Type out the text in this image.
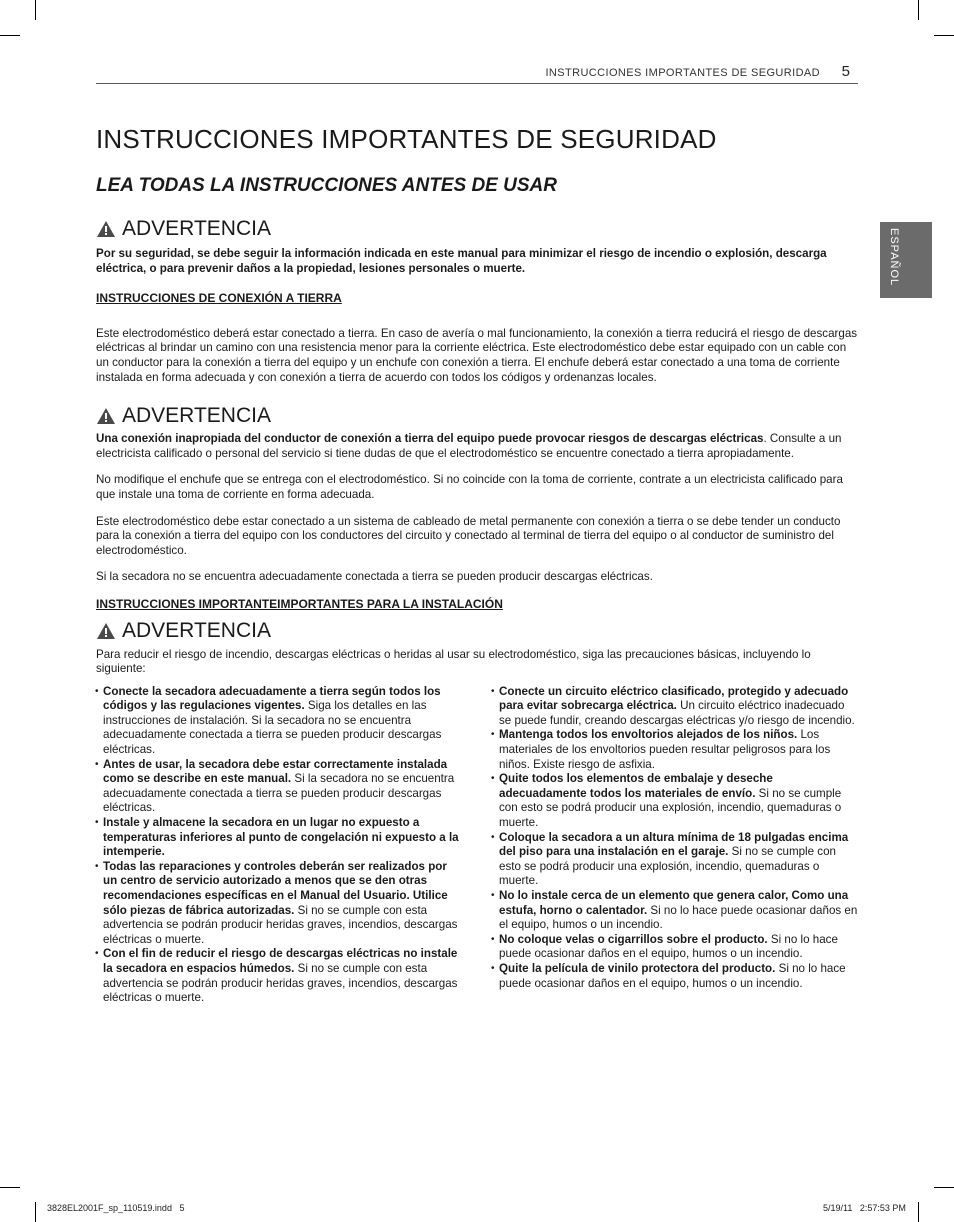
INSTRUCCIONES IMPORTANTES DE SEGURIDAD 5
ESPAÑOL
INSTRUCCIONES IMPORTANTES DE SEGURIDAD
LEA TODAS LA INSTRUCCIONES ANTES DE USAR
ADVERTENCIA

Por su seguridad, se debe seguir la información indicada en este manual para minimizar el riesgo de incendio o explosión, descarga eléctrica, o para prevenir daños a la propiedad, lesiones personales o muerte.

INSTRUCCIONES DE CONEXIÓN A TIERRA

Este electrodoméstico deberá estar conectado a tierra. En caso de avería o mal funcionamiento, la conexión a tierra reducirá el riesgo de descargas eléctricas al brindar un camino con una resistencia menor para la corriente eléctrica. Este electrodoméstico debe estar equipado con un cable con un conductor para la conexión a tierra del equipo y un enchufe con conexión a tierra. El enchufe deberá estar conectado a una toma de corriente instalada en forma adecuada y con conexión a tierra de acuerdo con todos los códigos y ordenanzas locales.

ADVERTENCIA

Una conexión inapropiada del conductor de conexión a tierra del equipo puede provocar riesgos de descargas eléctricas. Consulte a un electricista calificado o personal del servicio si tiene dudas de que el electrodoméstico se encuentre conectado a tierra apropiadamente.

No modifique el enchufe que se entrega con el electrodoméstico. Si no coincide con la toma de corriente, contrate a un electricista calificado para que instale una toma de corriente en forma adecuada.

Este electrodoméstico debe estar conectado a un sistema de cableado de metal permanente con conexión a tierra o se debe tender un conducto para la conexión a tierra del equipo con los conductores del circuito y conectado al terminal de tierra del equipo o al conductor de suministro del electrodoméstico.

Si la secadora no se encuentra adecuadamente conectada a tierra se pueden producir descargas eléctricas.

INSTRUCCIONES IMPORTANTEIMPORTANTES PARA LA INSTALACIÓN

ADVERTENCIA

Para reducir el riesgo de incendio, descargas eléctricas o heridas al usar su electrodoméstico, siga las precauciones básicas, incluyendo lo siguiente:

• Conecte la secadora adecuadamente a tierra según todos los códigos y las regulaciones vigentes. Siga los detalles en las instrucciones de instalación. Si la secadora no se encuentra adecuadamente conectada a tierra se pueden producir descargas eléctricas.
• Antes de usar, la secadora debe estar correctamente instalada como se describe en este manual. Si la secadora no se encuentra adecuadamente conectada a tierra se pueden producir descargas eléctricas.
• Instale y almacene la secadora en un lugar no expuesto a temperaturas inferiores al punto de congelación ni expuesto a la intemperie.
• Todas las reparaciones y controles deberán ser realizados por un centro de servicio autorizado a menos que se den otras recomendaciones específicas en el Manual del Usuario. Utilice sólo piezas de fábrica autorizadas. Si no se cumple con esta advertencia se podrán producir heridas graves, incendios, descargas eléctricas o muerte.
• Con el fin de reducir el riesgo de descargas eléctricas no instale la secadora en espacios húmedos. Si no se cumple con esta advertencia se podrán producir heridas graves, incendios, descargas eléctricas o muerte.
• Conecte un circuito eléctrico clasificado, protegido y adecuado para evitar sobrecarga eléctrica. Un circuito eléctrico inadecuado se puede fundir, creando descargas eléctricas y/o riesgo de incendio.
• Mantenga todos los envoltorios alejados de los niños. Los materiales de los envoltorios pueden resultar peligrosos para los niños. Existe riesgo de asfixia.
• Quite todos los elementos de embalaje y deseche adecuadamente todos los materiales de envío. Si no se cumple con esto se podrá producir una explosión, incendio, quemaduras o muerte.
• Coloque la secadora a un altura mínima de 18 pulgadas encima del piso para una instalación en el garaje. Si no se cumple con esto se podrá producir una explosión, incendio, quemaduras o muerte.
• No lo instale cerca de un elemento que genera calor, Como una estufa, horno o calentador. Si no lo hace puede ocasionar daños en el equipo, humos o un incendio.
• No coloque velas o cigarrillos sobre el producto. Si no lo hace puede ocasionar daños en el equipo, humos o un incendio.
• Quite la película de vinilo protectora del producto. Si no lo hace puede ocasionar daños en el equipo, humos o un incendio.
3828EL2001F_sp_110519.indd   5	5/19/11   2:57:53 PM
